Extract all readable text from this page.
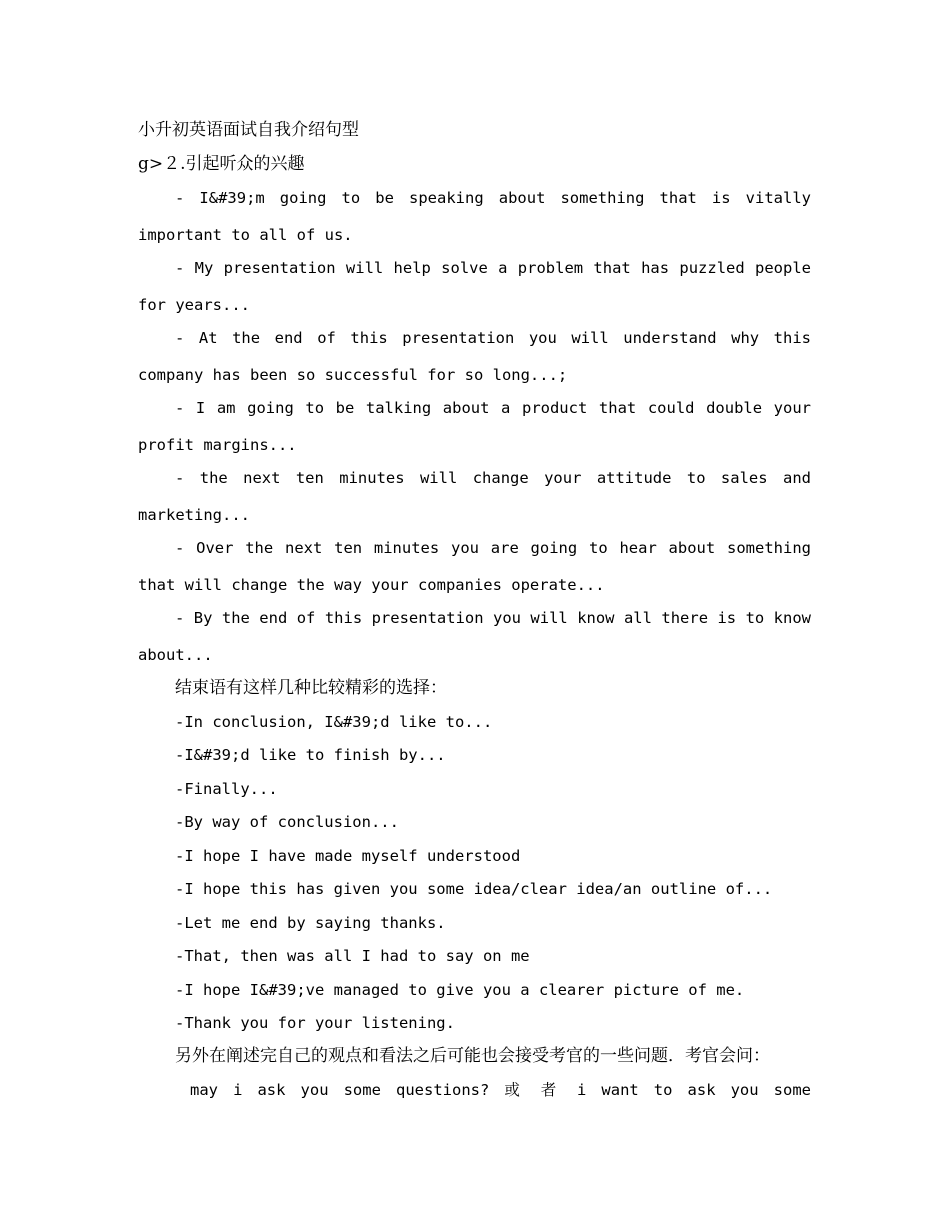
小升初英语面试自我介绍句型
g>２.引起听众的兴趣
- I&#39;m going to be speaking about something that is vitally
important to all of us.
- My presentation will help solve a problem that has puzzled people
for years...
- At the end of this presentation you will understand why this
company has been so successful for so long...;
- I am going to be talking about a product that could double your
profit margins...
- the next ten minutes will change your attitude to sales and
marketing...
- Over the next ten minutes you are going to hear about something
that will change the way your companies operate...
- By the end of this presentation you will know all there is to know
about...
结束语有这样几种比较精彩的选择：
-In conclusion, I&#39;d like to...
-I&#39;d like to finish by...
-Finally...
-By way of conclusion...
-I hope I have made myself understood
-I hope this has given you some idea/clear idea/an outline of...
-Let me end by saying thanks.
-That, then was all I had to say on me
-I hope I&#39;ve managed to give you a clearer picture of me.
-Thank you for your listening.
另外在阐述完自己的观点和看法之后可能也会接受考官的一些问题．考官会问：
may i ask you some questions? 或 者 i want to ask you some
